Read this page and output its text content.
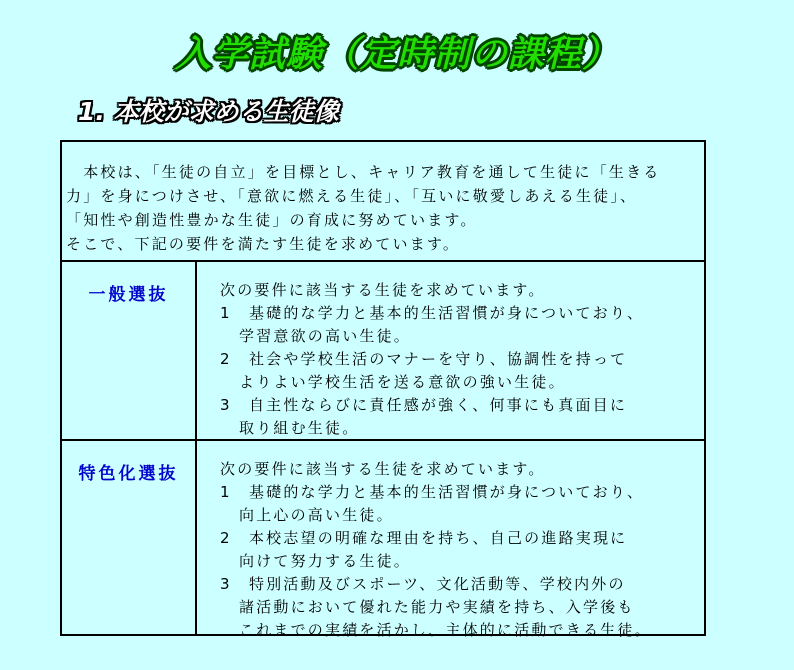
入学試験（定時制の課程）
1. 本校が求める生徒像
　本校は、「生徒の自立」を目標とし、キャリア教育を通して生徒に「生きる
力」を身につけさせ、「意欲に燃える生徒」、「互いに敬愛しあえる生徒」、
「知性や創造性豊かな生徒」の育成に努めています。
そこで、下記の要件を満たす生徒を求めています。
一般選抜	次の要件に該当する生徒を求めています。
1　基礎的な学力と基本的生活習慣が身についており、
学習意欲の高い生徒。
2　社会や学校生活のマナーを守り、協調性を持って
よりよい学校生活を送る意欲の強い生徒。
3　自主性ならびに責任感が強く、何事にも真面目に
取り組む生徒。
特色化選抜	次の要件に該当する生徒を求めています。
1　基礎的な学力と基本的生活習慣が身についており、
向上心の高い生徒。
2　本校志望の明確な理由を持ち、自己の進路実現に
向けて努力する生徒。
3　特別活動及びスポーツ、文化活動等、学校内外の
諸活動において優れた能力や実績を持ち、入学後も
これまでの実績を活かし、主体的に活動できる生徒。
